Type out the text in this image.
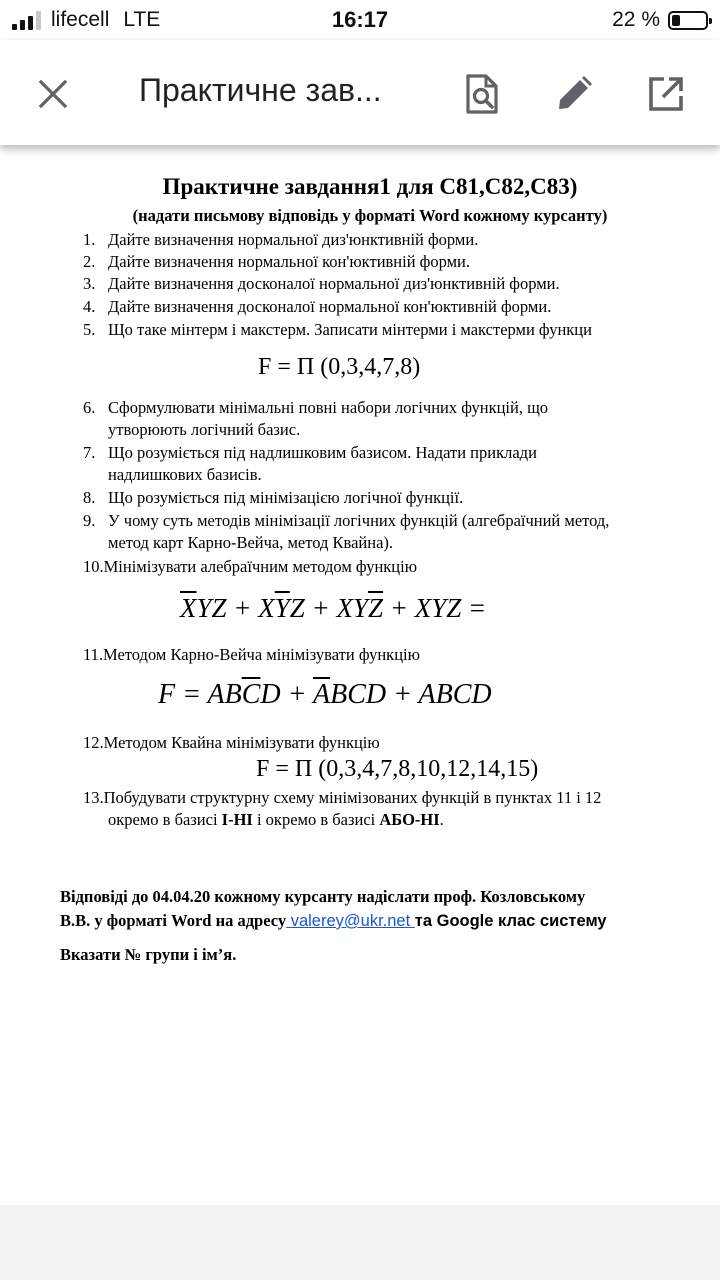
lifecell LTE	16:17	22 %
Практичне зав...
Практичне завдання1 для С81,С82,С83)
(надати письмову відповідь у форматі Word кожному курсанту)
1. Дайте визначення нормальної диз'юнктивній форми.
2. Дайте визначення нормальної кон'юктивній форми.
3. Дайте визначення досконалої нормальної диз'юнктивній форми.
4. Дайте визначення досконалої нормальної кон'юктивній форми.
5. Що таке мінтерм і макстерм. Записати мінтерми і макстерми функци
F = П (0,3,4,7,8)
6. Сформулювати мінімальні повні набори логічних функцій, що
утворюють логічний базис.
7. Що розуміється під надлишковим базисом. Надати приклади
надлишкових базисів.
8. Що розуміється під мінімізацією логічної функції.
9. У чому суть методів мінімізації логічних функцій (алгебраїчний метод,
метод карт Карно-Вейча, метод Квайна).
10.Мінімізувати алебраїчним методом функцію
$\overline{X}YZ + X\overline{Y}Z + XY\overline{Z}$ + XYZ =
11.Методом Карно-Вейча мінімізувати функцію
$F = AB\overline{C}D + \overline{A}BCD$ + ABCD
12.Методом Квайна мінімізувати функцію
F = П (0,3,4,7,8,10,12,14,15)
13.Побудувати структурну схему мінімізованих функцій в пунктах 11 і 12
окремо в базисі І-НІ і окремо в базисі АБО-НІ.
Відповіді до 04.04.20 кожному курсанту надіслати проф. Козловському
В.В. у форматі Word на адресу valerey@ukr.net та Google клас систему
Вказати № групи і ім’я.
